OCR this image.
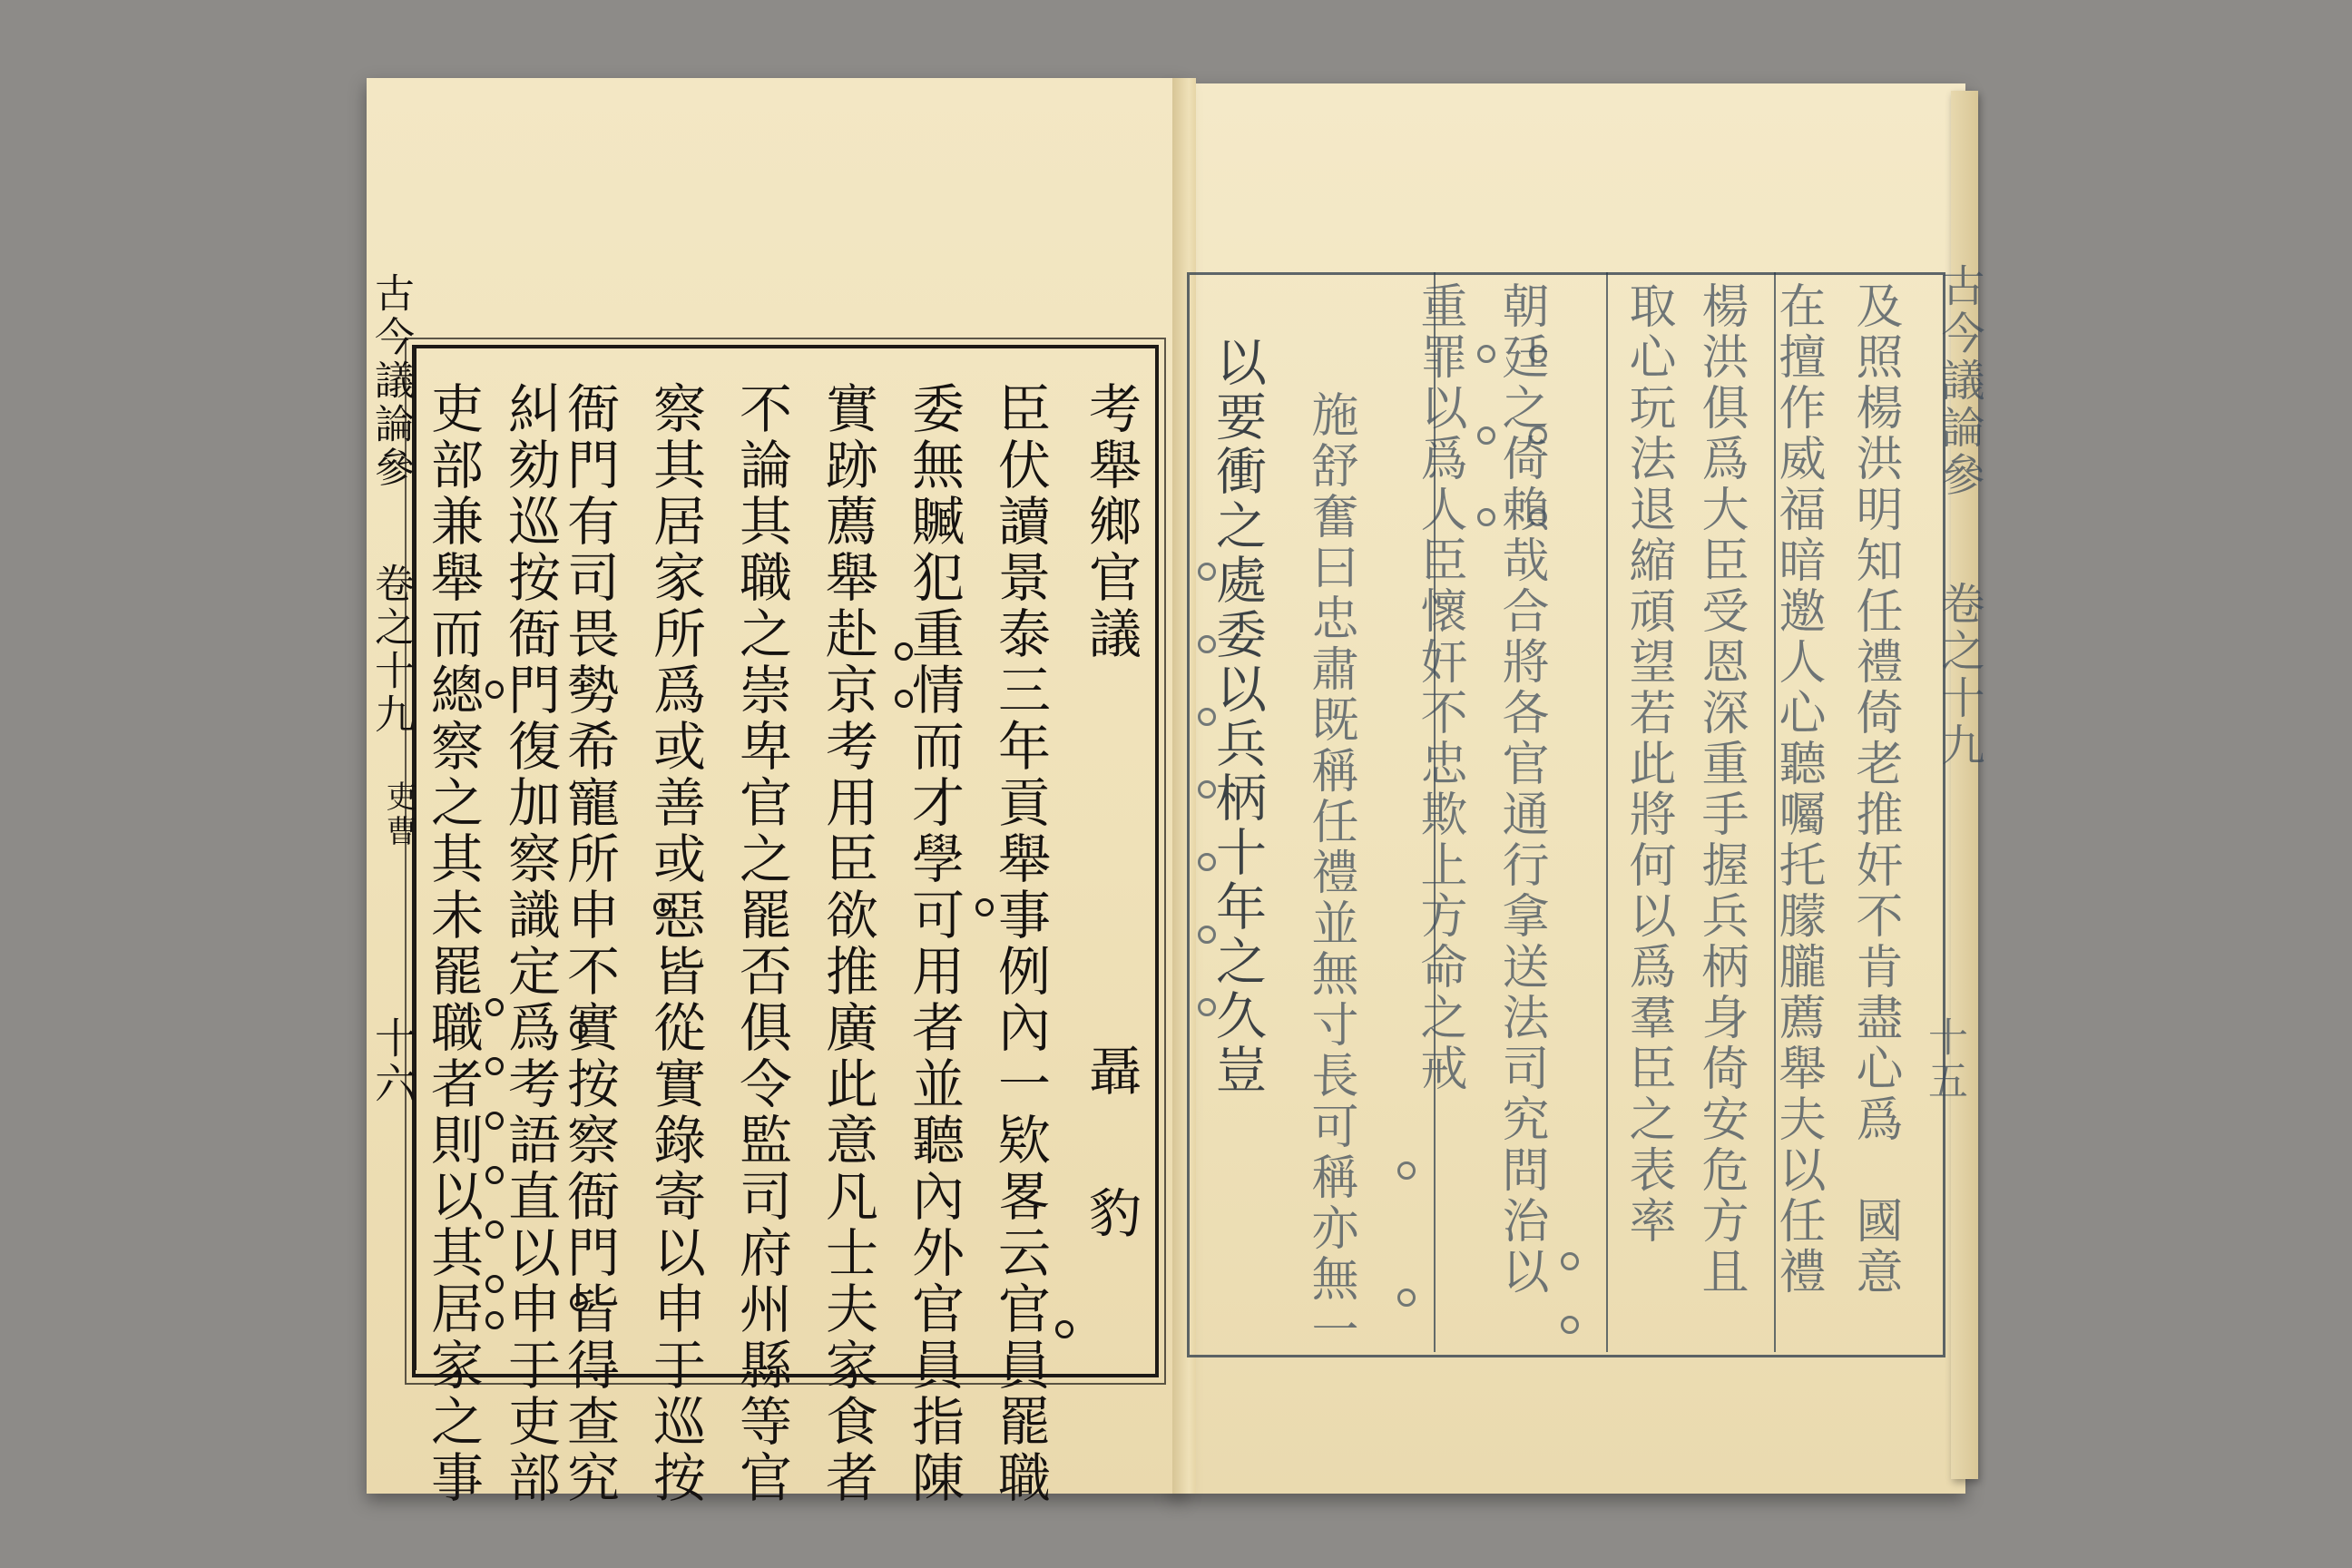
古今議論參
卷之十九
吏曹
十六
考舉鄉官議
聶 豹
臣伏讀景泰三年貢舉事例內一欵畧云官員罷職
委無贓犯重情而才學可用者並聽內外官員指陳
實跡薦舉赴京考用臣欲推廣此意凡士夫家食者
不論其職之崇卑官之罷否俱令監司府州縣等官
察其居家所爲或善或惡皆從實錄寄以申于巡按
衙門有司畏勢希寵所申不實按察衙門皆得查究
糾劾巡按衙門復加察識定爲考語直以申于吏部
吏部兼舉而總察之其未罷職者則以其居家之事	古今議論參
卷之十九
十五
及照楊洪明知任禮倚老推奸不肯盡心爲　國意
在擅作威福暗邀人心聽囑托朦朧薦舉夫以任禮
楊洪俱爲大臣受恩深重手握兵柄身倚安危方且
取心玩法退縮頑望若此將何以爲羣臣之表率
朝廷之倚賴哉合將各官通行拿送法司究問治以
重罪以爲人臣懷奸不忠欺上方命之戒
施舒奮曰忠肅既稱任禮並無寸長可稱亦無一
以要衝之處委以兵柄十年之久豈
